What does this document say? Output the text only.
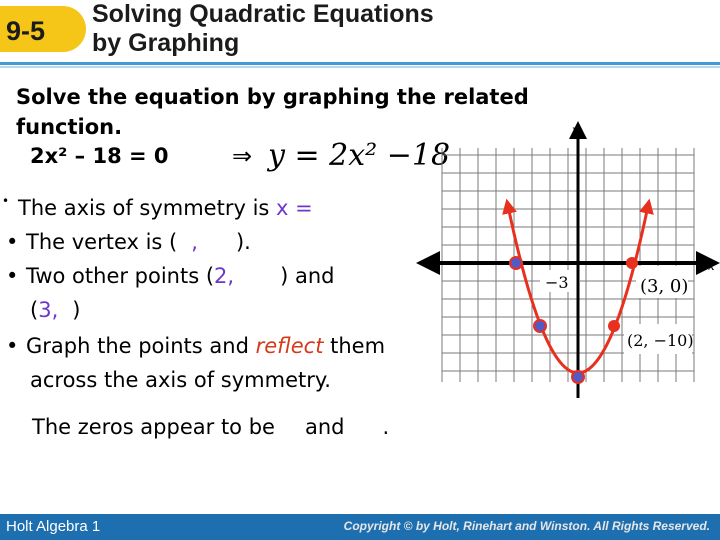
9-5
Solving Quadratic Equations
by Graphing
Solve the equation by graphing the related
function.
2x² – 18 = 0	⇒ y = 2x² −18
• The axis of symmetry is x =
• The vertex is ( , ).
• Two other points (2, ) and
(3, )
• Graph the points and reflect them
across the axis of symmetry.
The zeros appear to be and .
y
x
−3	(3, 0)
(2, −10)
Holt Algebra 1	Copyright © by Holt, Rinehart and Winston. All Rights Reserved.
